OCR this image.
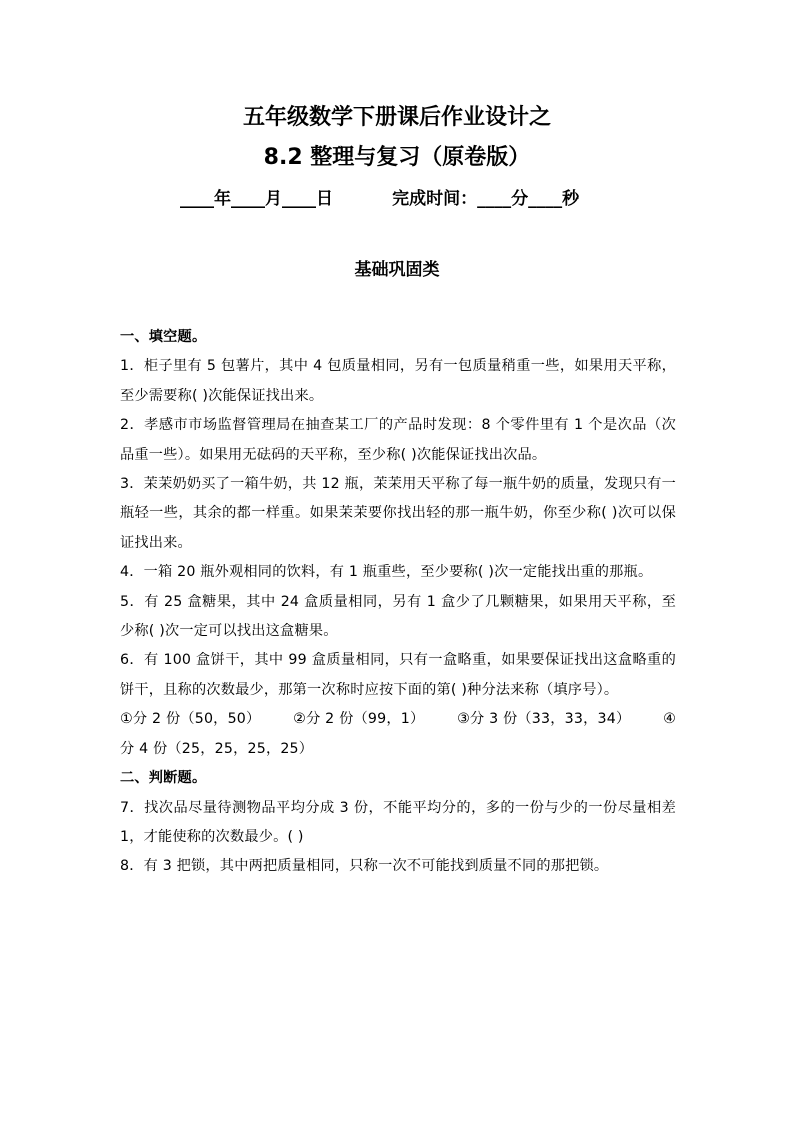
五年级数学下册课后作业设计之
8.2 整理与复习（原卷版）
____年____月____日          完成时间：____分____秒
基础巩固类

一、填空题。

1．柜子里有 5 包薯片，其中 4 包质量相同，另有一包质量稍重一些，如果用天平称，至少需要称( )次能保证找出来。

2．孝感市市场监督管理局在抽查某工厂的产品时发现：8 个零件里有 1 个是次品（次品重一些）。如果用无砝码的天平称，至少称( )次能保证找出次品。

3．茉茉奶奶买了一箱牛奶，共 12 瓶，茉茉用天平称了每一瓶牛奶的质量，发现只有一瓶轻一些，其余的都一样重。如果茉茉要你找出轻的那一瓶牛奶，你至少称( )次可以保证找出来。

4．一箱 20 瓶外观相同的饮料，有 1 瓶重些，至少要称( )次一定能找出重的那瓶。

5．有 25 盒糖果，其中 24 盒质量相同，另有 1 盒少了几颗糖果，如果用天平称，至少称( )次一定可以找出这盒糖果。

6．有 100 盒饼干，其中 99 盒质量相同，只有一盒略重，如果要保证找出这盒略重的饼干，且称的次数最少，那第一次称时应按下面的第( )种分法来称（填序号）。

①分 2 份（50，50） ②分 2 份（99，1） ③分 3 份（33，33，34） ④

分 4 份（25，25，25，25）

二、判断题。

7．找次品尽量待测物品平均分成 3 份，不能平均分的，多的一份与少的一份尽量相差 1，才能使称的次数最少。( )

8．有 3 把锁，其中两把质量相同，只称一次不可能找到质量不同的那把锁。
